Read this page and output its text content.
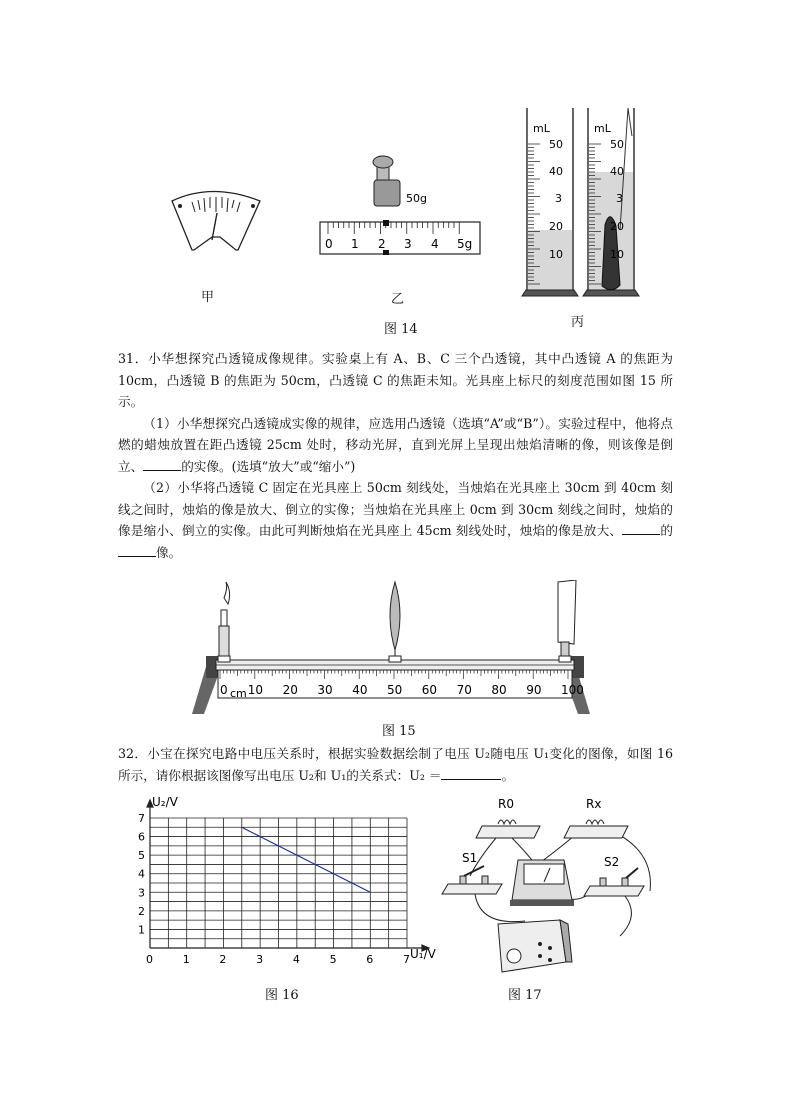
50g
0 1 2 3 4 5g
mL
50
40
3
20
10
mL
50
40
3
20
10
甲	乙
丙
图 14

31．小华想探究凸透镜成像规律。实验桌上有 A、B、C 三个凸透镜，其中凸透镜 A 的焦距为 10cm，凸透镜 B 的焦距为 50cm，凸透镜 C 的焦距未知。光具座上标尺的刻度范围如图 15 所示。

（1）小华想探究凸透镜成实像的规律，应选用凸透镜（选填“A”或“B”）。实验过程中，他将点燃的蜡烛放置在距凸透镜 25cm 处时，移动光屏，直到光屏上呈现出烛焰清晰的像，则该像是倒立、	的实像。(选填“放大”或“缩小”)

（2）小华将凸透镜 C 固定在光具座上 50cm 刻线处，当烛焰在光具座上 30cm 到 40cm 刻线之间时，烛焰的像是放大、倒立的实像；当烛焰在光具座上 0cm 到 30cm 刻线之间时，烛焰的像是缩小、倒立的实像。由此可判断烛焰在光具座上 45cm 刻线处时，烛焰的像是放大、	的像。

0 10 20 30 40 50 60 70 80 90 100
cm
图 15

32．小宝在探究电路中电压关系时，根据实验数据绘制了电压 U₂随电压 U₁变化的图像，如图 16 所示，请你根据该图像写出电压 U₂和 U₁的关系式：U₂ ＝	。

0	1	2	3	4	5	6	7
1
2
3
4
5
6
7
U₂/V
U₁/V
图 16
R0	Rx
S1	S2
图 17
